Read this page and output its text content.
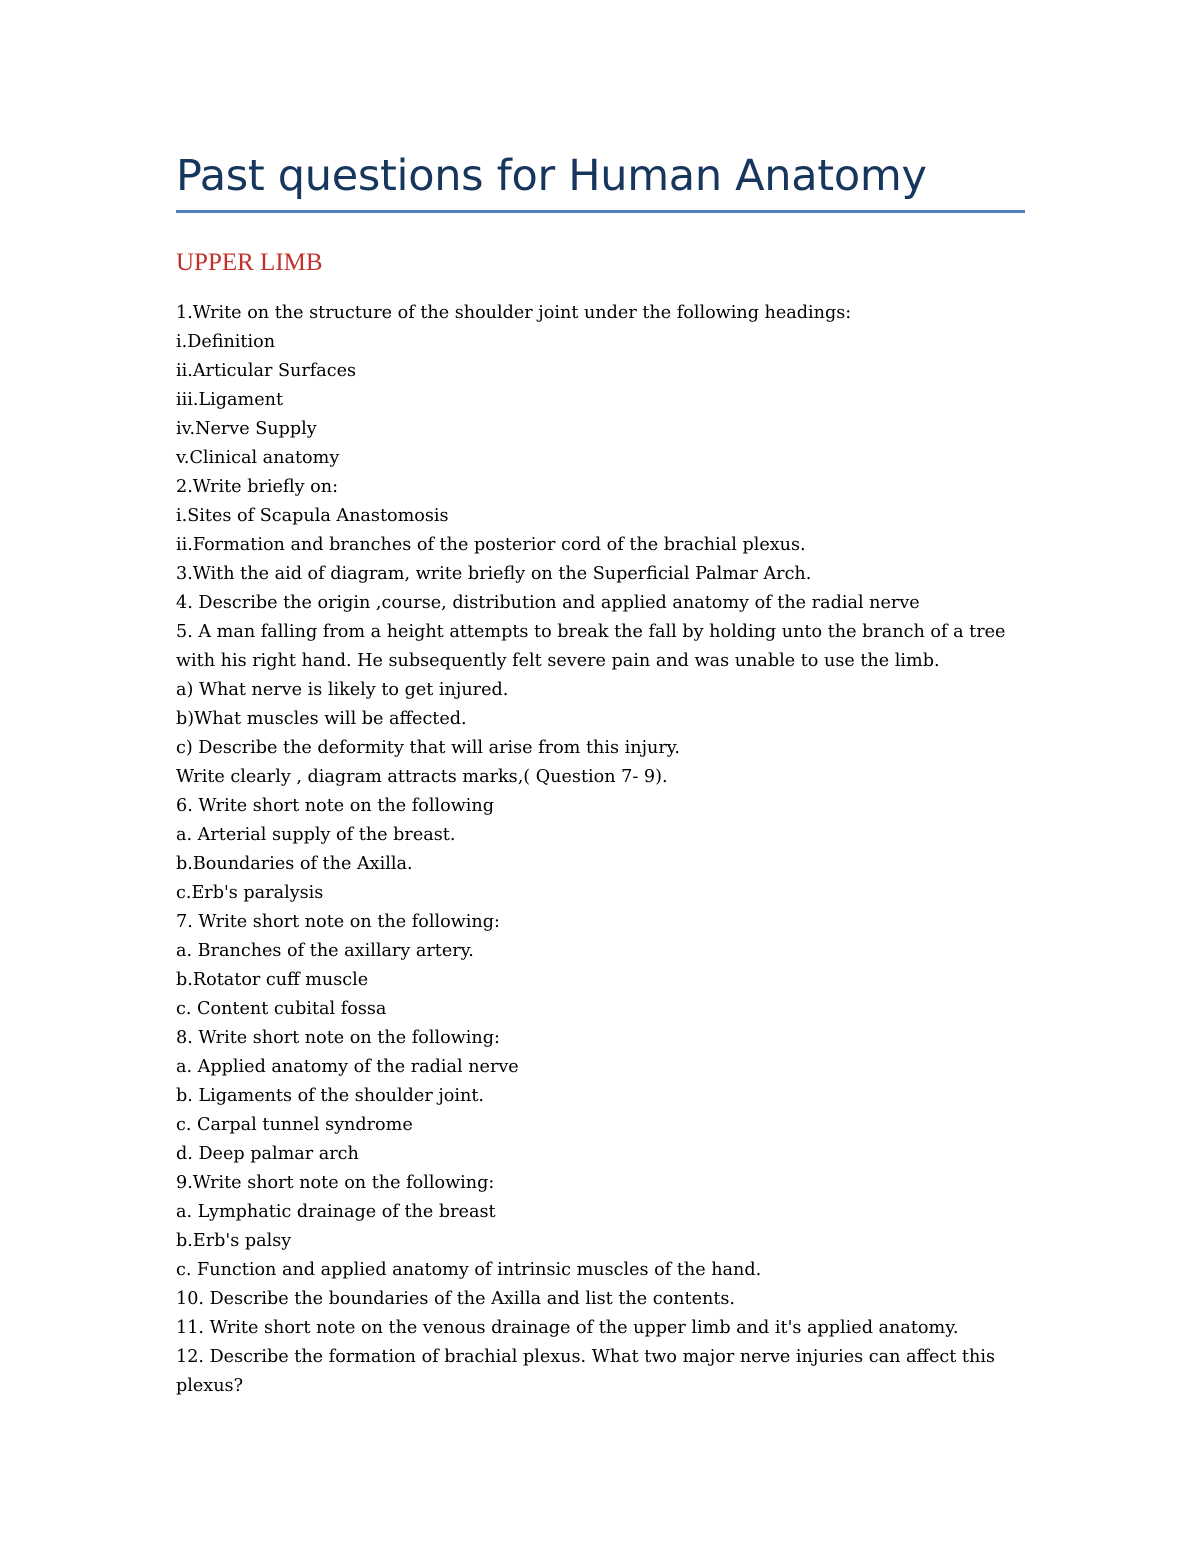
Past questions for Human Anatomy
UPPER LIMB
1.Write on the structure of the shoulder joint under the following headings:
i.Definition
ii.Articular Surfaces
iii.Ligament
iv.Nerve Supply
v.Clinical anatomy
2.Write briefly on:
i.Sites of Scapula Anastomosis
ii.Formation and branches of the posterior cord of the brachial plexus.
3.With the aid of diagram, write briefly on the Superficial Palmar Arch.
4. Describe the origin ,course, distribution and applied anatomy of the radial nerve
5. A man falling from a height attempts to break the fall by holding unto the branch of a tree with his right hand. He subsequently felt severe pain and was unable to use the limb.
a) What nerve is likely to get injured.
b)What muscles will be affected.
c) Describe the deformity that will arise from this injury.
Write clearly , diagram attracts marks,( Question 7- 9).
6. Write short note on the following
a. Arterial supply of the breast.
b.Boundaries of the Axilla.
c.Erb's paralysis
7. Write short note on the following:
a. Branches of the axillary artery.
b.Rotator cuff muscle
c. Content cubital fossa
8. Write short note on the following:
a. Applied anatomy of the radial nerve
b. Ligaments of the shoulder joint.
c. Carpal tunnel syndrome
d. Deep palmar arch
9.Write short note on the following:
a. Lymphatic drainage of the breast
b.Erb's palsy
c. Function and applied anatomy of intrinsic muscles of the hand.
10. Describe the boundaries of the Axilla and list the contents.
11. Write short note on the venous drainage of the upper limb and it's applied anatomy.
12. Describe the formation of brachial plexus. What two major nerve injuries can affect this plexus?
